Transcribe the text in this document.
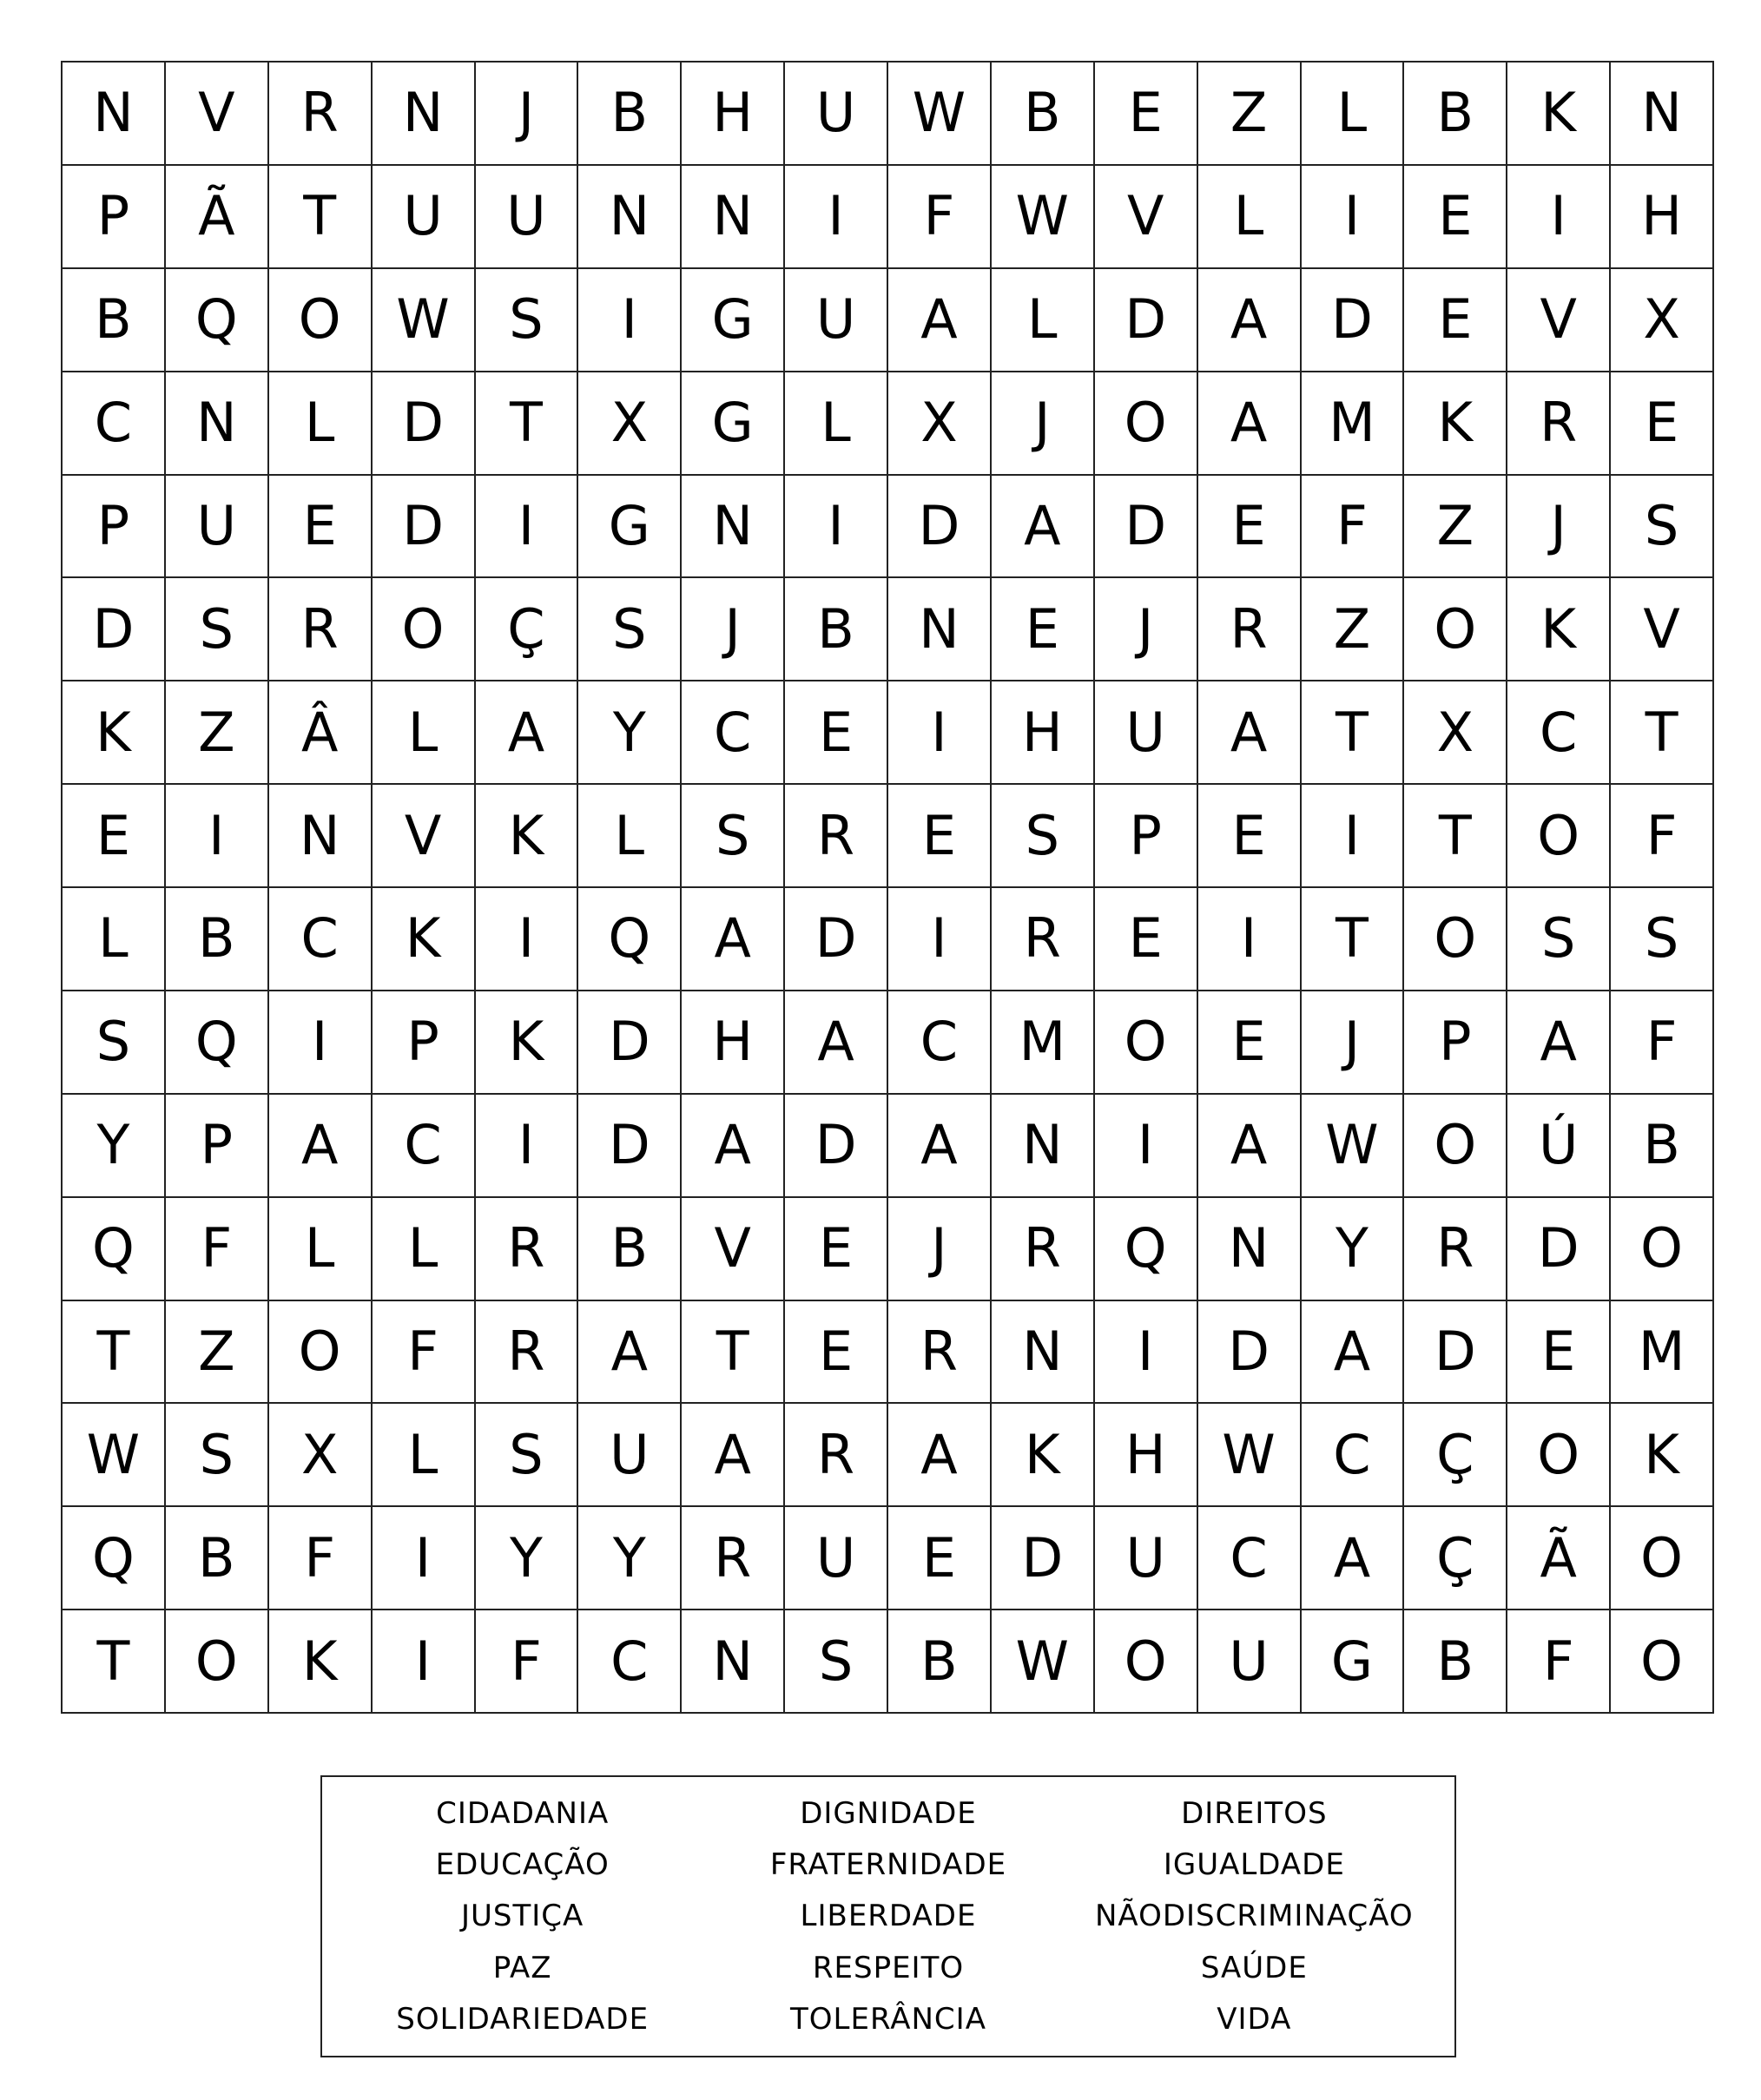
N	V	R	N	J	B	H	U	W	B	E	Z	L	B	K	N
P	Ã	T	U	U	N	N	I	F	W	V	L	I	E	I	H
B	Q	O	W	S	I	G	U	A	L	D	A	D	E	V	X
C	N	L	D	T	X	G	L	X	J	O	A	M	K	R	E
P	U	E	D	I	G	N	I	D	A	D	E	F	Z	J	S
D	S	R	O	Ç	S	J	B	N	E	J	R	Z	O	K	V
K	Z	Â	L	A	Y	C	E	I	H	U	A	T	X	C	T
E	I	N	V	K	L	S	R	E	S	P	E	I	T	O	F
L	B	C	K	I	Q	A	D	I	R	E	I	T	O	S	S
S	Q	I	P	K	D	H	A	C	M	O	E	J	P	A	F
Y	P	A	C	I	D	A	D	A	N	I	A	W	O	Ú	B
Q	F	L	L	R	B	V	E	J	R	Q	N	Y	R	D	O
T	Z	O	F	R	A	T	E	R	N	I	D	A	D	E	M
W	S	X	L	S	U	A	R	A	K	H	W	C	Ç	O	K
Q	B	F	I	Y	Y	R	U	E	D	U	C	A	Ç	Ã	O
T	O	K	I	F	C	N	S	B	W	O	U	G	B	F	O
CIDADANIA	DIGNIDADE	DIREITOS
EDUCAÇÃO	FRATERNIDADE	IGUALDADE
JUSTIÇA	LIBERDADE	NÃODISCRIMINAÇÃO
PAZ	RESPEITO	SAÚDE
SOLIDARIEDADE	TOLERÂNCIA	VIDA
